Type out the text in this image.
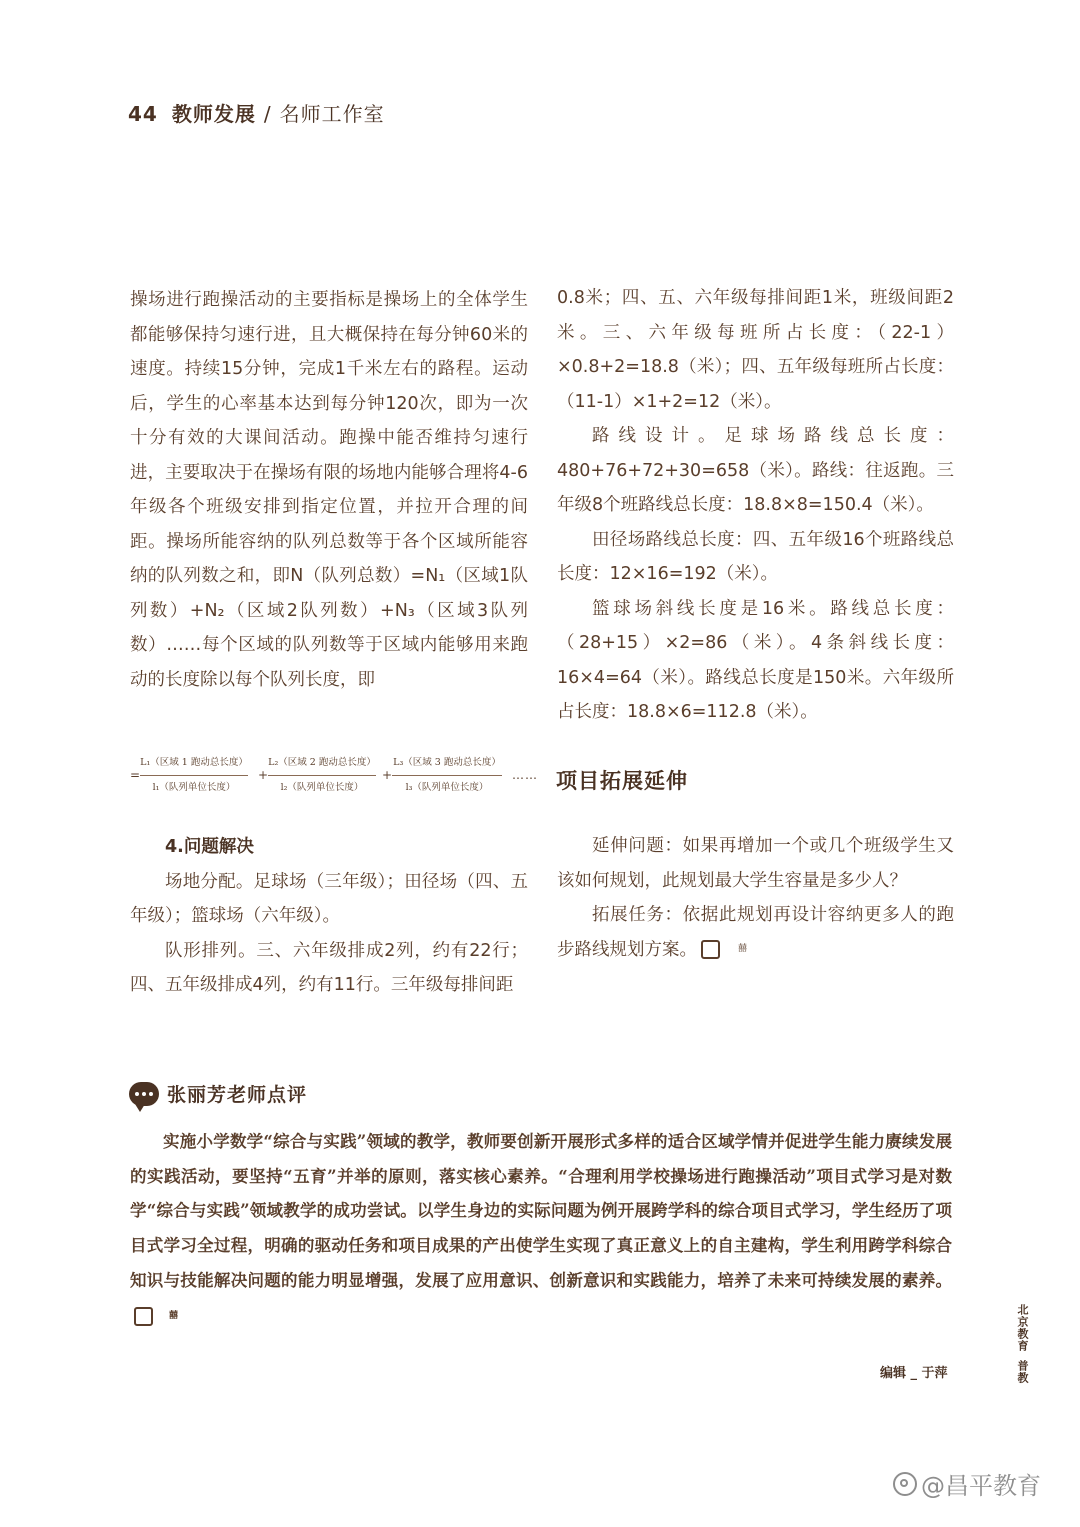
44 教师发展 / 名师工作室

操场进行跑操活动的主要指标是操场上的全体学生都能够保持匀速行进，且大概保持在每分钟60米的速度。持续15分钟，完成1千米左右的路程。运动后，学生的心率基本达到每分钟120次，即为一次十分有效的大课间活动。跑操中能否维持匀速行进，主要取决于在操场有限的场地内能够合理将4-6年级各个班级安排到指定位置，并拉开合理的间距。操场所能容纳的队列总数等于各个区域所能容纳的队列数之和，即N（队列总数）=N₁（区域1队列数）+N₂（区域2队列数）+N₃（区域3队列数）……每个区域的队列数等于区域内能够用来跑动的长度除以每个队列长度，即

=
L₁（区域 1 跑动总长度）
l₁（队列单位长度）
+
L₂（区域 2 跑动总长度）
l₂（队列单位长度）
+
L₃（区域 3 跑动总长度）
l₃（队列单位长度）
……

4.问题解决

场地分配。足球场（三年级）；田径场（四、五年级）；篮球场（六年级）。

队形排列。三、六年级排成2列，约有22行；四、五年级排成4列，约有11行。三年级每排间距

0.8米；四、五、六年级每排间距1米，班级间距2米。三、六年级每班所占长度：（22-1）×0.8+2=18.8（米）；四、五年级每班所占长度：（11-1）×1+2=12（米）。

路线设计。足球场路线总长度：480+76+72+30=658（米）。路线：往返跑。三年级8个班路线总长度：18.8×8=150.4（米）。

田径场路线总长度：四、五年级16个班路线总长度：12×16=192（米）。

篮球场斜线长度是16米。路线总长度：（28+15）×2=86（米）。4条斜线长度：16×4=64（米）。路线总长度是150米。六年级所占长度：18.8×6=112.8（米）。

项目拓展延伸

延伸问题：如果再增加一个或几个班级学生又该如何规划，此规划最大学生容量是多少人？

拓展任务：依据此规划再设计容纳更多人的跑步路线规划方案。	囍

张丽芳老师点评

实施小学数学“综合与实践”领域的教学，教师要创新开展形式多样的适合区域学情并促进学生能力赓续发展的实践活动，要坚持“五育”并举的原则，落实核心素养。“合理利用学校操场进行跑操活动”项目式学习是对数学“综合与实践”领域教学的成功尝试。以学生身边的实际问题为例开展跨学科的综合项目式学习，学生经历了项目式学习全过程，明确的驱动任务和项目成果的产出使学生实现了真正意义上的自主建构，学生利用跨学科综合知识与技能解决问题的能力明显增强，发展了应用意识、创新意识和实践能力，培养了未来可持续发展的素养。囍

编辑 _ 于萍
北京教育普教
@昌平教育
